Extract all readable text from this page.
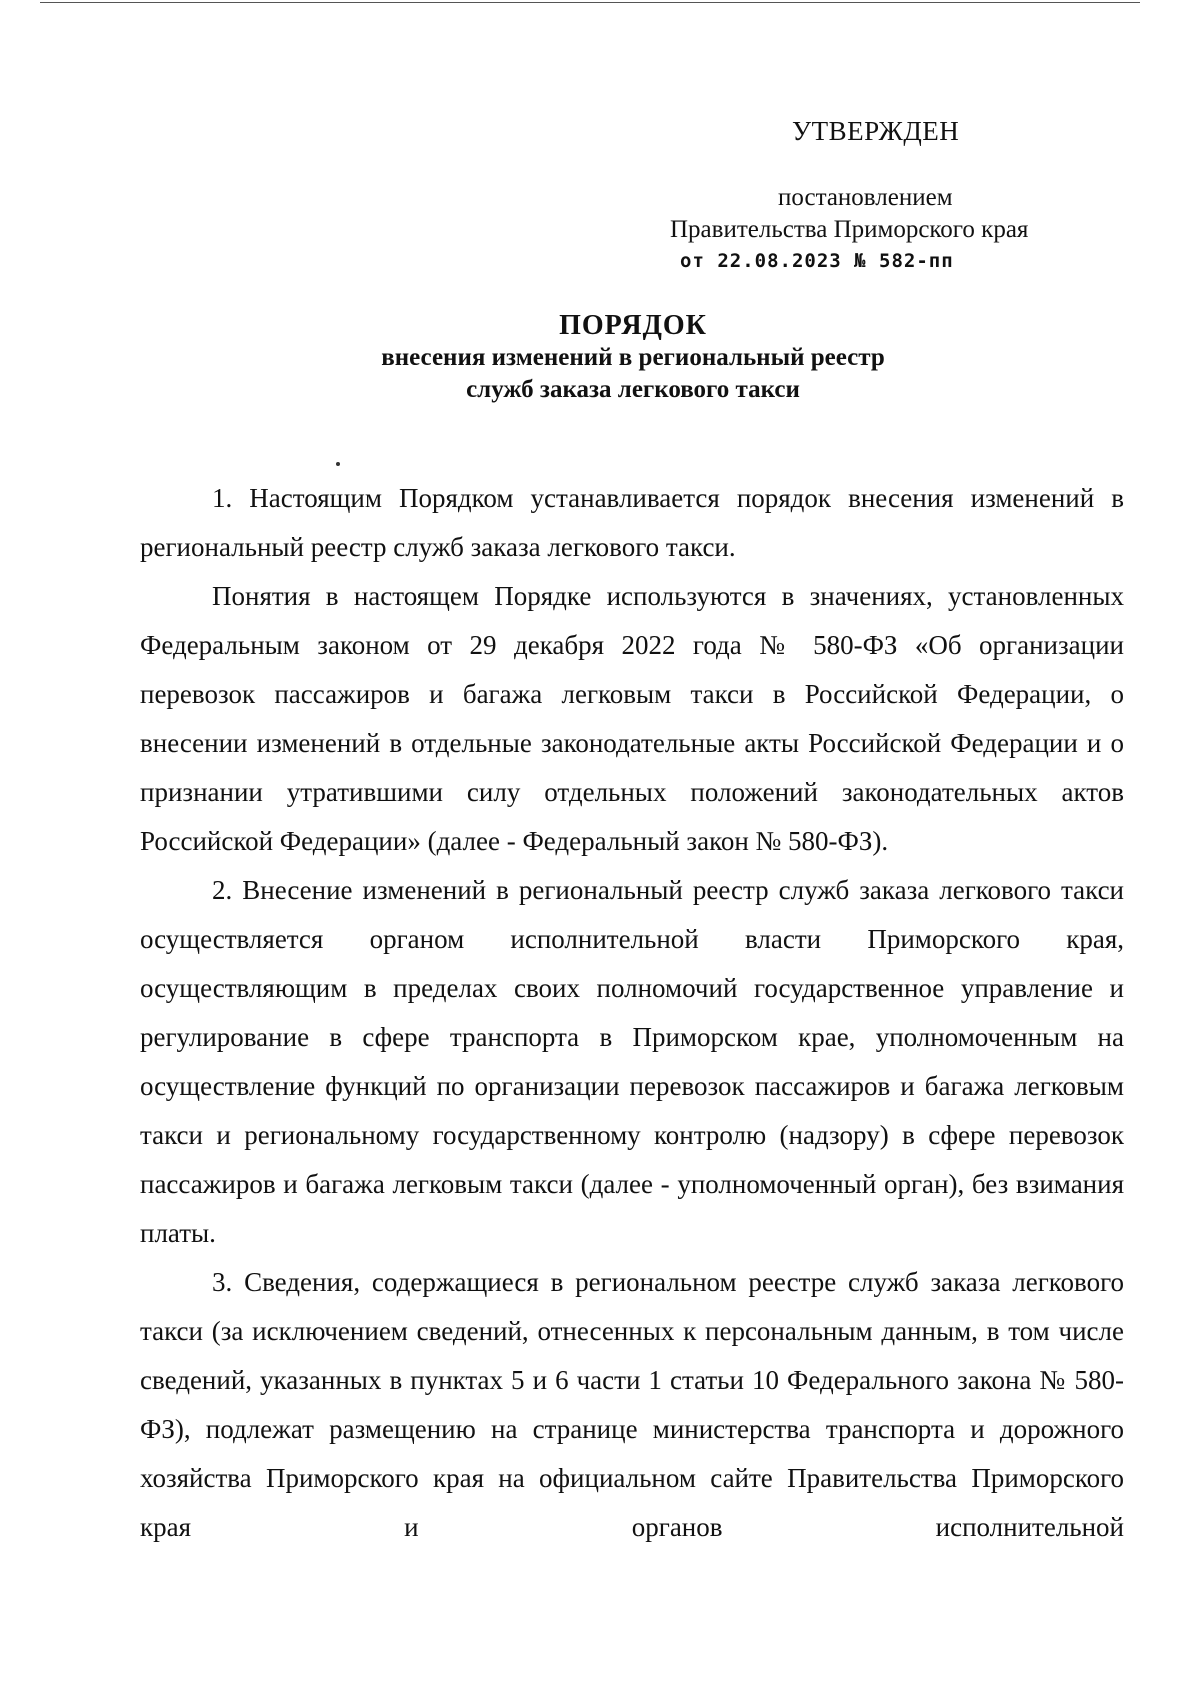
УТВЕРЖДЕН
постановлением
Правительства Приморского края
от 22.08.2023 № 582-пп
ПОРЯДОК
внесения изменений в региональный реестр
служб заказа легкового такси

1. Настоящим Порядком устанавливается порядок внесения изменений в региональный реестр служб заказа легкового такси.

Понятия в настоящем Порядке используются в значениях, установленных Федеральным законом от 29 декабря 2022 года № 580-ФЗ «Об организации перевозок пассажиров и багажа легковым такси в Российской Федерации, о внесении изменений в отдельные законодательные акты Российской Федерации и о признании утратившими силу отдельных положений законодательных актов Российской Федерации» (далее - Федеральный закон № 580-ФЗ).

2. Внесение изменений в региональный реестр служб заказа легкового такси осуществляется органом исполнительной власти Приморского края, осуществляющим в пределах своих полномочий государственное управление и регулирование в сфере транспорта в Приморском крае, уполномоченным на осуществление функций по организации перевозок пассажиров и багажа легковым такси и региональному государственному контролю (надзору) в сфере перевозок пассажиров и багажа легковым такси (далее - уполномоченный орган), без взимания платы.

3. Сведения, содержащиеся в региональном реестре служб заказа легкового такси (за исключением сведений, отнесенных к персональным данным, в том числе сведений, указанных в пунктах 5 и 6 части 1 статьи 10 Федерального закона № 580-ФЗ), подлежат размещению на странице министерства транспорта и дорожного хозяйства Приморского края на официальном сайте Правительства Приморского края и органов исполнительной
